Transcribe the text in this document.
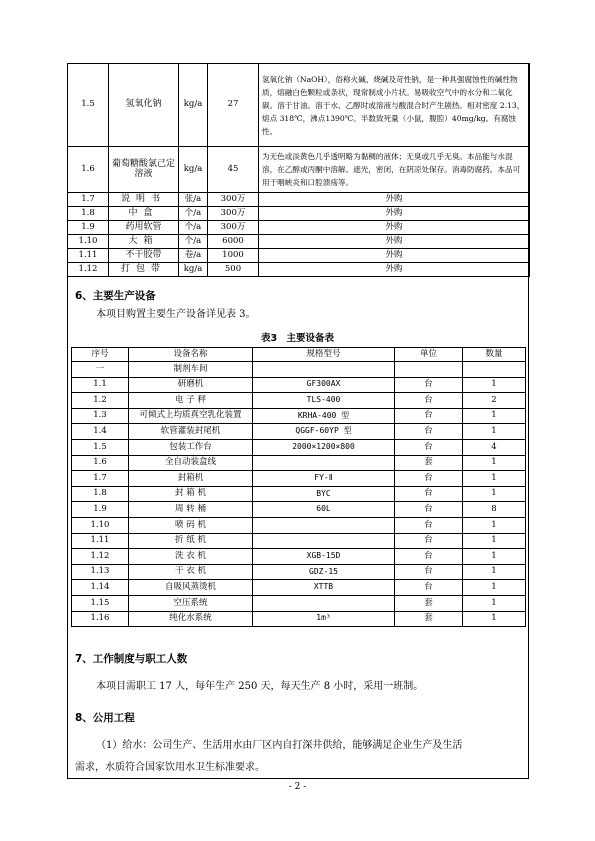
1.5	氢氧化钠	kg/a	27	氢氧化钠（NaOH），俗称火碱、烧碱及苛性钠，是一种具强腐蚀性的碱性物质，熔融白色颗粒或条状，现常制成小片状。易吸收空气中的水分和二氧化碳。溶于甘油。溶于水、乙醇时或溶液与酸混合时产生剧热。相对密度 2.13，熔点 318℃，沸点1390℃。半数致死量（小鼠，腹腔）40mg/kg。有腐蚀性。
1.6	葡萄糖酸氯己定溶液	kg/a	45	为无色或淡黄色几乎透明略为黏稠的液体；无臭或几乎无臭。本品能与水混溶，在乙醇或丙酮中溶解。遮光，密闭，在阴凉处保存。消毒防腐药。本品可用于咽峡炎和口腔溃疡等。
1.7	说明书	张/a	300万	外购
1.8	中盒	个/a	300万	外购
1.9	药用软管	个/a	300万	外购
1.10	大箱	个/a	6000	外购
1.11	不干胶带	卷/a	1000	外购
1.12	打包带	kg/a	500	外购
6、主要生产设备
本项目购置主要生产设备详见表 3。
表3　主要设备表
序号	设备名称	规格型号	单位	数量
一	制剂车间			
1.1	研磨机	GF300AX	台	1
1.2	电 子 秤	TLS-400	台	2
1.3	可倾式上均质真空乳化装置	KRHA-400 型	台	1
1.4	软管灌装封尾机	QGGF-60YP 型	台	1
1.5	包装工作台	2000×1200×800	台	4
1.6	全自动装盒线		套	1
1.7	封箱机	FY-Ⅱ	台	1
1.8	封 箱 机	BYC	台	1
1.9	周 转 桶	60L	台	8
1.10	喷 码 机		台	1
1.11	折 纸 机		台	1
1.12	洗 衣 机	XGB-15D	台	1
1.13	干 衣 机	GDZ-15	台	1
1.14	自吸风蒸烫机	XTTB	台	1
1.15	空压系统		套	1
1.16	纯化水系统	1m³	套	1
7、工作制度与职工人数
本项目需职工 17 人，每年生产 250 天，每天生产 8 小时，采用一班制。
8、公用工程
（1）给水：公司生产、生活用水由厂区内自打深井供给，能够满足企业生产及生活
需求，水质符合国家饮用水卫生标准要求。
- 2 -
